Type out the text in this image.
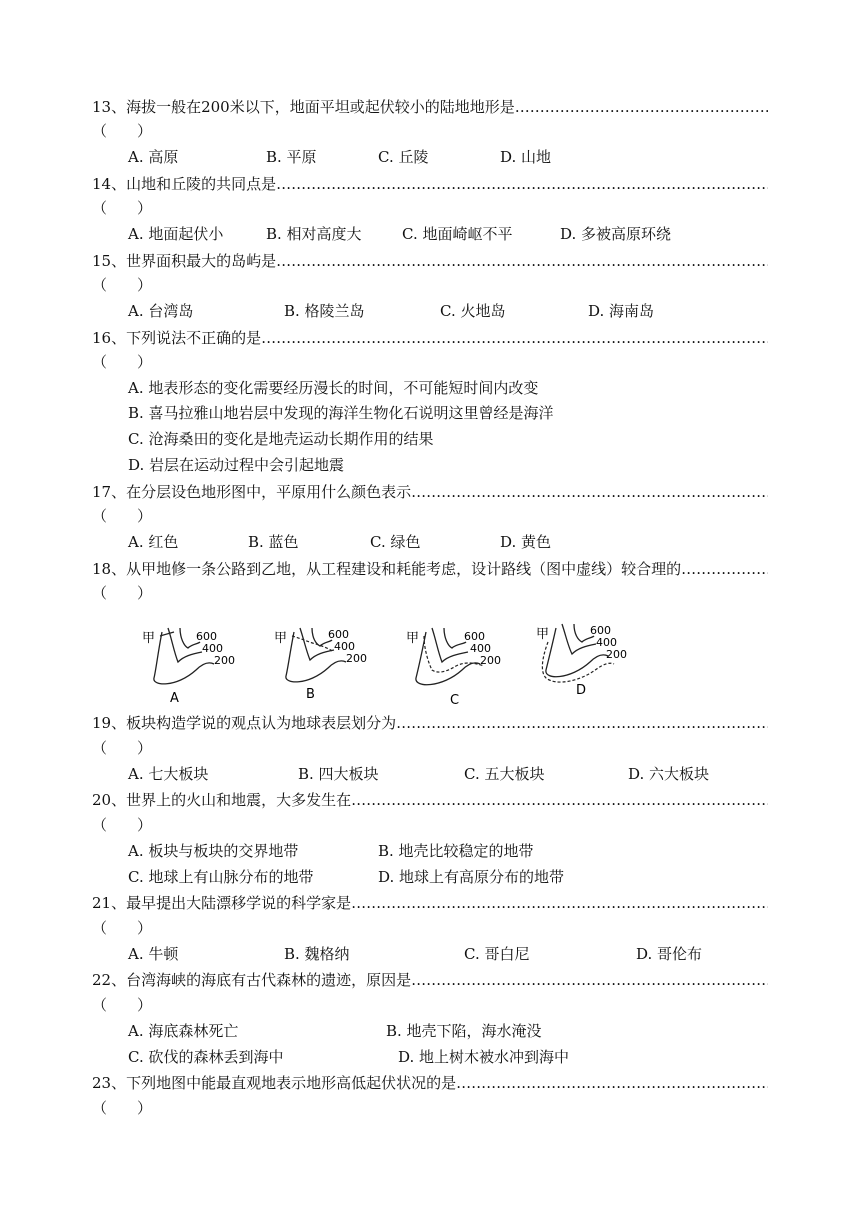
13、海拔一般在200米以下，地面平坦或起伏较小的陆地地形是 ……………………………………………………………………………………………………………………………
（　　）
A. 高原	B. 平原	C. 丘陵	D. 山地
14、山地和丘陵的共同点是 ……………………………………………………………………………………………………………………………
（　　）
A. 地面起伏小	B. 相对高度大	C. 地面崎岖不平	D. 多被高原环绕
15、世界面积最大的岛屿是 ……………………………………………………………………………………………………………………………
（　　）
A. 台湾岛	B. 格陵兰岛	C. 火地岛	D. 海南岛
16、下列说法不正确的是 ……………………………………………………………………………………………………………………………
（　　）
A. 地表形态的变化需要经历漫长的时间，不可能短时间内改变
B. 喜马拉雅山地岩层中发现的海洋生物化石说明这里曾经是海洋
C. 沧海桑田的变化是地壳运动长期作用的结果
D. 岩层在运动过程中会引起地震
17、在分层设色地形图中，平原用什么颜色表示 ……………………………………………………………………………………………………………………………
（　　）
A. 红色	B. 蓝色	C. 绿色	D. 黄色
18、从甲地修一条公路到乙地，从工程建设和耗能考虑，设计路线（图中虚线）较合理的 ……………………………………………………………………………………………………………………………
（　　）
甲	600
400
200
A
甲	600
400
200
B
甲	600
400
200
C
甲	600
400
200
D
19、板块构造学说的观点认为地球表层划分为 ……………………………………………………………………………………………………………………………
（　　）
A. 七大板块	B. 四大板块	C. 五大板块	D. 六大板块
20、世界上的火山和地震，大多发生在 ……………………………………………………………………………………………………………………………
（　　）
A. 板块与板块的交界地带	B. 地壳比较稳定的地带
C. 地球上有山脉分布的地带	D. 地球上有高原分布的地带
21、最早提出大陆漂移学说的科学家是 ……………………………………………………………………………………………………………………………
（　　）
A. 牛顿	B. 魏格纳	C. 哥白尼	D. 哥伦布
22、台湾海峡的海底有古代森林的遗迹，原因是 ……………………………………………………………………………………………………………………………
（　　）
A. 海底森林死亡	B. 地壳下陷，海水淹没
C. 砍伐的森林丢到海中	D. 地上树木被水冲到海中
23、下列地图中能最直观地表示地形高低起伏状况的是 ……………………………………………………………………………………………………………………………
（　　）
